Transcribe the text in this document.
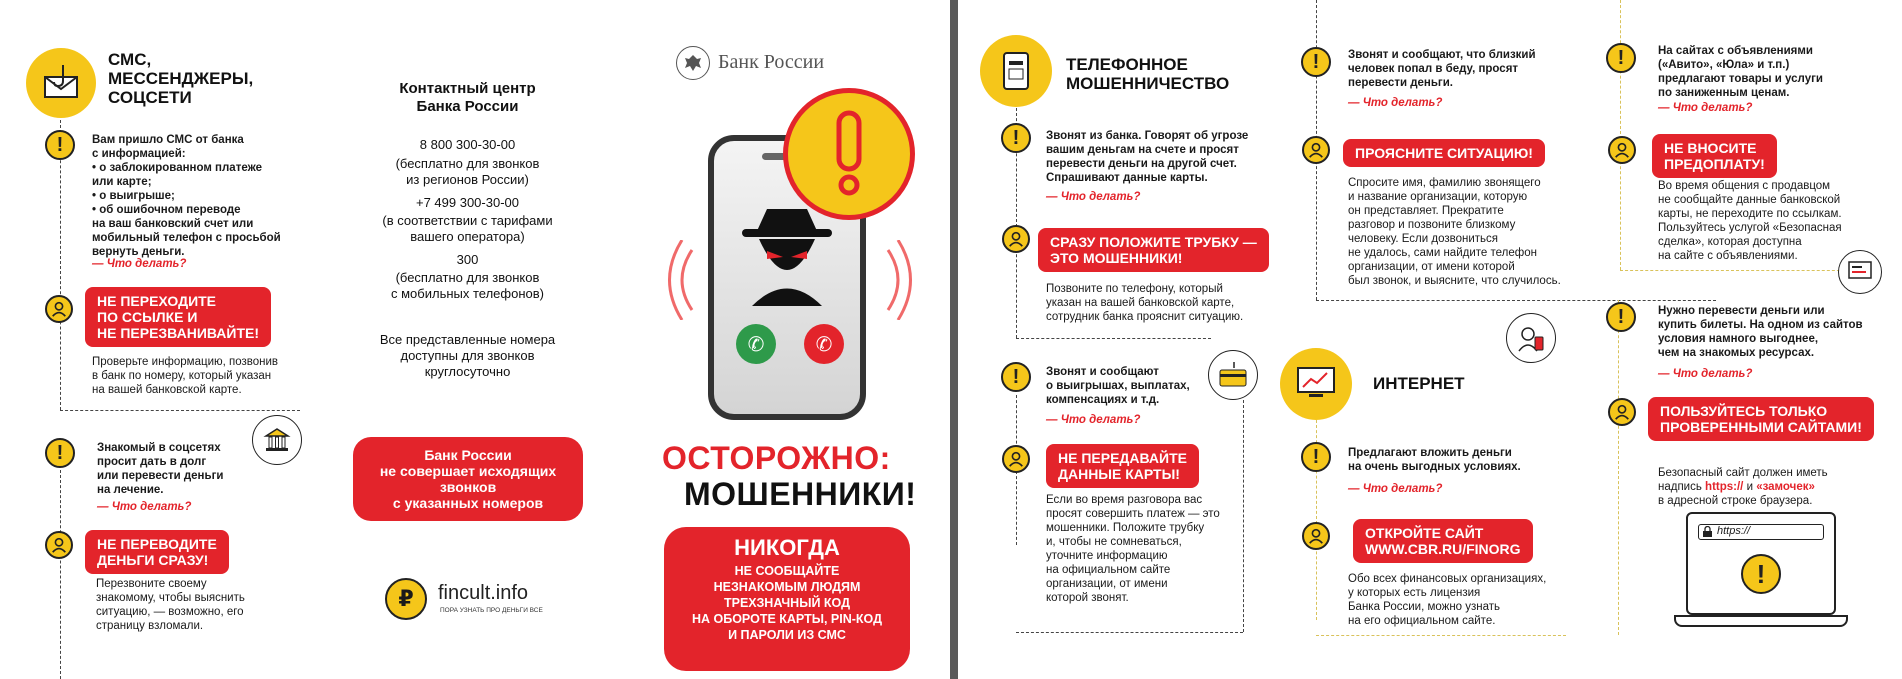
СМС,
МЕССЕНДЖЕРЫ,
СОЦСЕТИ
!	Вам пришло СМС от банка
с информацией:
• о заблокированном платеже
или карте;
• о выигрыше;
• об ошибочном переводе
на ваш банковский счет или
мобильный телефон с просьбой
вернуть деньги.
— Что делать?
НЕ ПЕРЕХОДИТЕ
ПО ССЫЛКЕ И
НЕ ПЕРЕЗВАНИВАЙТЕ!
Проверьте информацию, позвонив
в банк по номеру, который указан
на вашей банковской карте.
!	Знакомый в соцсетях
просит дать в долг
или перевести деньги
на лечение.
— Что делать?
НЕ ПЕРЕВОДИТЕ
ДЕНЬГИ СРАЗУ!
Перезвоните своему
знакомому, чтобы выяснить
ситуацию, — возможно, его
страницу взломали.
Контактный центр
Банка России
8 800 300-30-00
(бесплатно для звонков
из регионов России)
+7 499 300-30-00
(в соответствии с тарифами
вашего оператора)
300
(бесплатно для звонков
с мобильных телефонов)
Все представленные номера
доступны для звонков
круглосуточно
Банк России
не совершает исходящих
звонков
с указанных номеров
₽ fincult.info
ПОРА УЗНАТЬ ПРО ДЕНЬГИ ВСЕ
Банк России
✆	✆
ОСТОРОЖНО:
МОШЕННИКИ!
НИКОГДА
НЕ СООБЩАЙТЕ
НЕЗНАКОМЫМ ЛЮДЯМ
ТРЕХЗНАЧНЫЙ КОД
НА ОБОРОТЕ КАРТЫ, PIN-КОД
И ПАРОЛИ ИЗ СМС
ТЕЛЕФОННОЕ
МОШЕННИЧЕСТВО
!	Звонят из банка. Говорят об угрозе
вашим деньгам на счете и просят
перевести деньги на другой счет.
Спрашивают данные карты.
— Что делать?
СРАЗУ ПОЛОЖИТЕ ТРУБКУ —
ЭТО МОШЕННИКИ!
Позвоните по телефону, который
указан на вашей банковской карте,
сотрудник банка прояснит ситуацию.
!	Звонят и сообщают
о выигрышах, выплатах,
компенсациях и т.д.
— Что делать?
НЕ ПЕРЕДАВАЙТЕ
ДАННЫЕ КАРТЫ!
Если во время разговора вас
просят совершить платеж — это
мошенники. Положите трубку
и, чтобы не сомневаться,
уточните информацию
на официальном сайте
организации, от имени
которой звонят.
!	Звонят и сообщают, что близкий
человек попал в беду, просят
перевести деньги.
— Что делать?
ПРОЯСНИТЕ СИТУАЦИЮ!
Спросите имя, фамилию звонящего
и название организации, которую
он представляет. Прекратите
разговор и позвоните близкому
человеку. Если дозвониться
не удалось, сами найдите телефон
организации, от имени которой
был звонок, и выясните, что случилось.
ИНТЕРНЕТ
!	Предлагают вложить деньги
на очень выгодных условиях.
— Что делать?
ОТКРОЙТЕ САЙТ
WWW.CBR.RU/FINORG
Обо всех финансовых организациях,
у которых есть лицензия
Банка России, можно узнать
на его официальном сайте.
!	На сайтах с объявлениями
(«Авито», «Юла» и т.п.)
предлагают товары и услуги
по заниженным ценам.
— Что делать?
НЕ ВНОСИТЕ
ПРЕДОПЛАТУ!
Во время общения с продавцом
не сообщайте данные банковской
карты, не переходите по ссылкам.
Пользуйтесь услугой «Безопасная
сделка», которая доступна
на сайте с объявлениями.
!	Нужно перевести деньги или
купить билеты. На одном из сайтов
условия намного выгоднее,
чем на знакомых ресурсах.
— Что делать?
ПОЛЬЗУЙТЕСЬ ТОЛЬКО
ПРОВЕРЕННЫМИ САЙТАМИ!

Безопасный сайт должен иметь
надпись https:// и «замочек»
в адресной строке браузера.

https://
!
